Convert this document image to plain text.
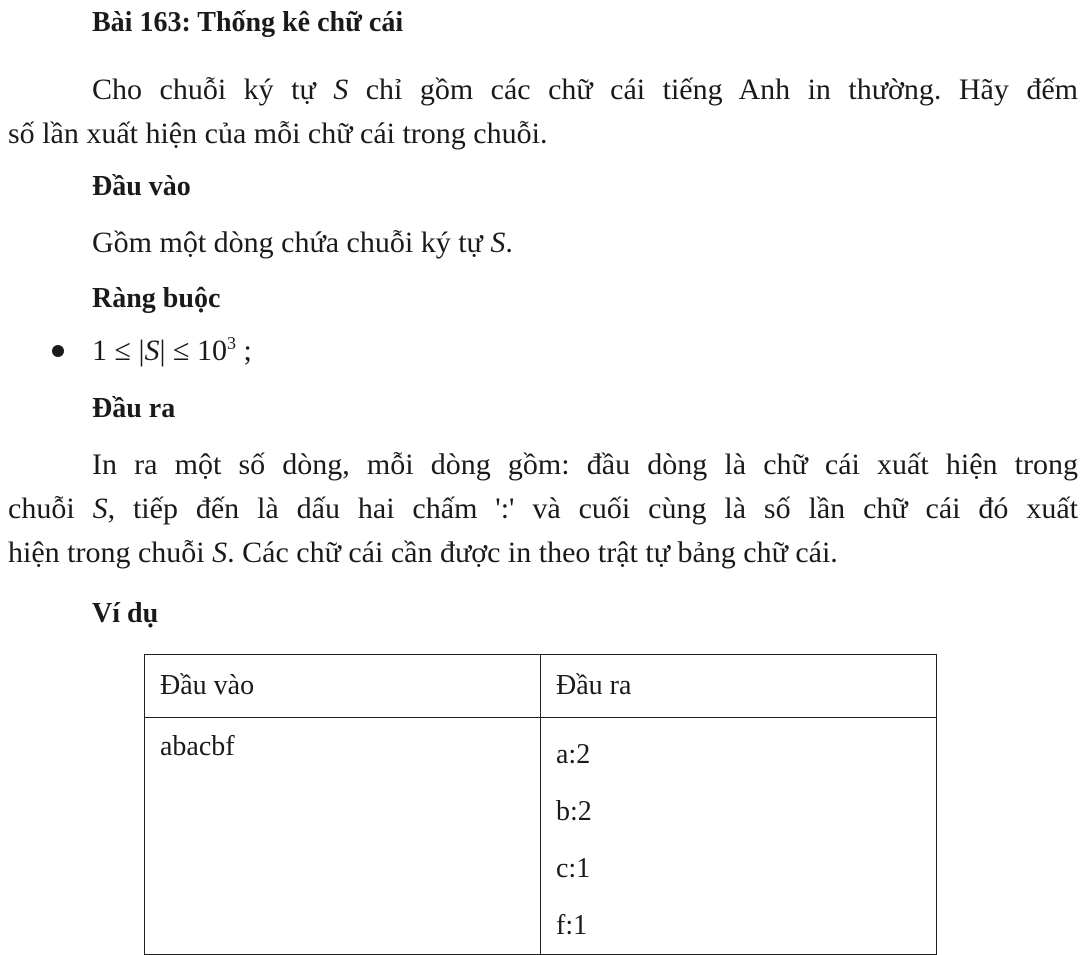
Bài 163: Thống kê chữ cái
Cho chuỗi ký tự S chỉ gồm các chữ cái tiếng Anh in thường. Hãy đếm
số lần xuất hiện của mỗi chữ cái trong chuỗi.
Đầu vào
Gồm một dòng chứa chuỗi ký tự S.
Ràng buộc
$1 \le |S| \le 10^3$ ;
Đầu ra
In ra một số dòng, mỗi dòng gồm: đầu dòng là chữ cái xuất hiện trong
chuỗi S, tiếp đến là dấu hai chấm ':' và cuối cùng là số lần chữ cái đó xuất
hiện trong chuỗi S. Các chữ cái cần được in theo trật tự bảng chữ cái.
Ví dụ
Đầu vào	Đầu ra

abacbf	a:2
b:2
c:1
f:1
